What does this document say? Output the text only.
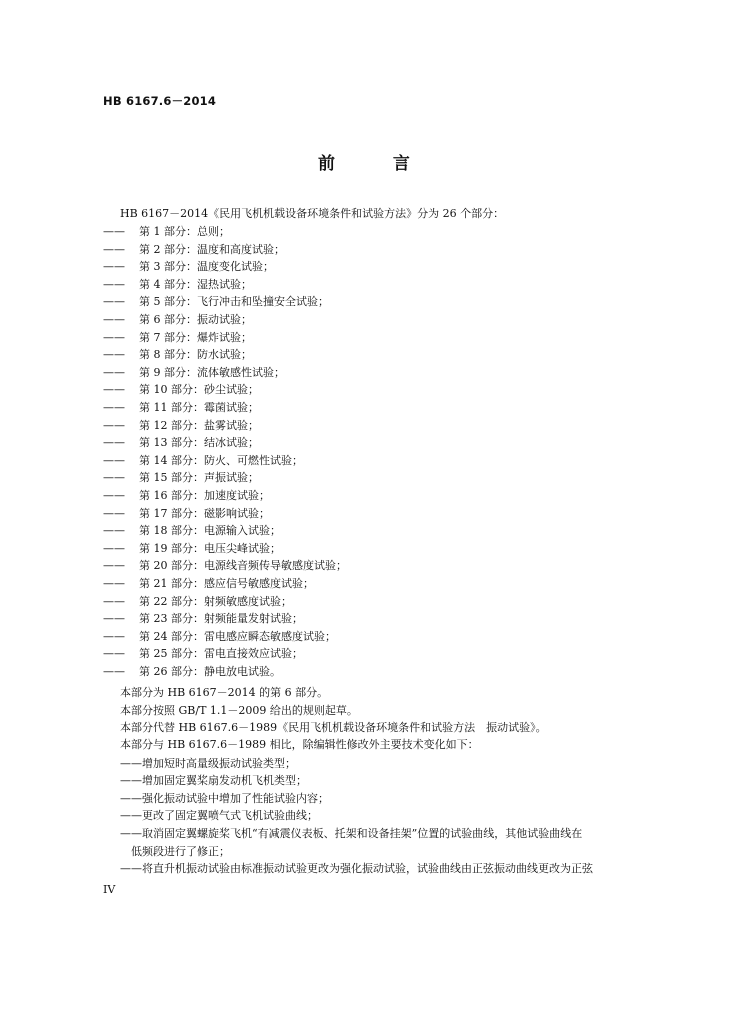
HB 6167.6－2014
前 言
HB 6167－2014《民用飞机机载设备环境条件和试验方法》分为 26 个部分：
—— 第 1 部分：总则；
—— 第 2 部分：温度和高度试验；
—— 第 3 部分：温度变化试验；
—— 第 4 部分：湿热试验；
—— 第 5 部分：飞行冲击和坠撞安全试验；
—— 第 6 部分：振动试验；
—— 第 7 部分：爆炸试验；
—— 第 8 部分：防水试验；
—— 第 9 部分：流体敏感性试验；
—— 第 10 部分：砂尘试验；
—— 第 11 部分：霉菌试验；
—— 第 12 部分：盐雾试验；
—— 第 13 部分：结冰试验；
—— 第 14 部分：防火、可燃性试验；
—— 第 15 部分：声振试验；
—— 第 16 部分：加速度试验；
—— 第 17 部分：磁影响试验；
—— 第 18 部分：电源输入试验；
—— 第 19 部分：电压尖峰试验；
—— 第 20 部分：电源线音频传导敏感度试验；
—— 第 21 部分：感应信号敏感度试验；
—— 第 22 部分：射频敏感度试验；
—— 第 23 部分：射频能量发射试验；
—— 第 24 部分：雷电感应瞬态敏感度试验；
—— 第 25 部分：雷电直接效应试验；
—— 第 26 部分：静电放电试验。
本部分为 HB 6167－2014 的第 6 部分。
本部分按照 GB/T 1.1－2009 给出的规则起草。
本部分代替 HB 6167.6－1989《民用飞机机载设备环境条件和试验方法　振动试验》。
本部分与 HB 6167.6－1989 相比，除编辑性修改外主要技术变化如下：
——增加短时高量级振动试验类型；
——增加固定翼桨扇发动机飞机类型；
——强化振动试验中增加了性能试验内容；
——更改了固定翼喷气式飞机试验曲线；
——取消固定翼螺旋桨飞机“有减震仪表板、托架和设备挂架”位置的试验曲线，其他试验曲线在
低频段进行了修正；
——将直升机振动试验由标准振动试验更改为强化振动试验，试验曲线由正弦振动曲线更改为正弦
IV
